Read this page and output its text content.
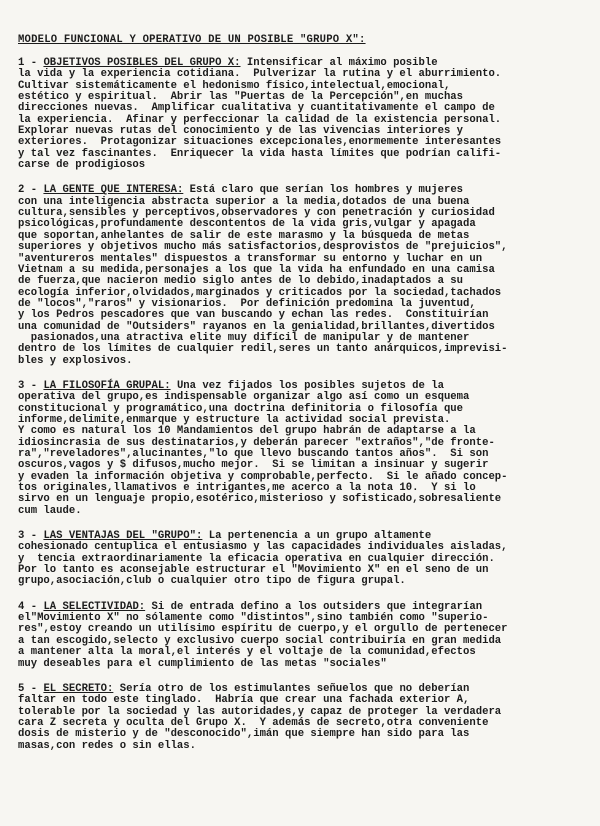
MODELO FUNCIONAL Y OPERATIVO DE UN POSIBLE "GRUPO X":

1 - OBJETIVOS POSIBLES DEL GRUPO X: Intensificar al máximo posible

la vida y la experiencia cotidiana.  Pulverizar la rutina y el aburrimiento.

Cultivar sistemáticamente el hedonismo físico,intelectual,emocional,

estético y espiritual.  Abrir las "Puertas de la Percepción",en muchas

direcciones nuevas.  Amplificar cualitativa y cuantitativamente el campo de

la experiencia.  Afinar y perfeccionar la calidad de la existencia personal.

Explorar nuevas rutas del conocimiento y de las vivencias interiores y

exteriores.  Protagonizar situaciones excepcionales,enormemente interesantes

y tal vez fascinantes.  Enriquecer la vida hasta límites que podrían califi-

carse de prodigiosos

2 - LA GENTE QUE INTERESA: Está claro que serían los hombres y mujeres

con una inteligencia abstracta superior a la media,dotados de una buena

cultura,sensibles y perceptivos,observadores y con penetración y curiosidad

psicológicas,profundamente descontentos de la vida gris,vulgar y apagada

que soportan,anhelantes de salir de este marasmo y la búsqueda de metas

superiores y objetivos mucho más satisfactorios,desprovistos de "prejuicios",

"aventureros mentales" dispuestos a transformar su entorno y luchar en un

Vietnam a su medida,personajes a los que la vida ha enfundado en una camisa

de fuerza,que nacieron medio siglo antes de lo debido,inadaptados a su

ecología inferior,olvidados,marginados y criticados por la sociedad,tachados

de "locos","raros" y visionarios.  Por definición predomina la juventud,

y los Pedros pescadores que van buscando y echan las redes.  Constituirían

una comunidad de "Outsiders" rayanos en la genialidad,brillantes,divertidos

pasionados,una atractiva elite muy difícil de manipular y de mantener

dentro de los límites de cualquier redil,seres un tanto anárquicos,imprevisi-

bles y explosivos.

3 - LA FILOSOFÍA GRUPAL: Una vez fijados los posibles sujetos de la

operativa del grupo,es indispensable organizar algo así como un esquema

constitucional y programático,una doctrina definitoria o filosofía que

informe,delimite,enmarque y estructure la actividad social prevista.

Y como es natural los 10 Mandamientos del grupo habrán de adaptarse a la

idiosincrasia de sus destinatarios,y deberán parecer "extraños","de fronte-

ra","reveladores",alucinantes,"lo que llevo buscando tantos años".  Si son

oscuros,vagos y $ difusos,mucho mejor.  Si se limitan a insinuar y sugerir

y evaden la información objetiva y comprobable,perfecto.  Si le añado concep-

tos originales,llamativos e intrigantes,me acerco a la nota 10.  Y si lo

sirvo en un lenguaje propio,esotérico,misterioso y sofisticado,sobresaliente

cum laude.

3 - LAS VENTAJAS DEL "GRUPO": La pertenencia a un grupo altamente

cohesionado centuplica el entusiasmo y las capacidades individuales aisladas,

y  tencia extraordinariamente la eficacia operativa en cualquier dirección.

Por lo tanto es aconsejable estructurar el "Movimiento X" en el seno de un

grupo,asociación,club o cualquier otro tipo de figura grupal.

4 - LA SELECTIVIDAD: Si de entrada defino a los outsiders que integrarían

el"Movimiento X" no sólamente como "distintos",sino también como "superio-

res",estoy creando un utilísimo espíritu de cuerpo,y el orgullo de pertenecer

a tan escogido,selecto y exclusivo cuerpo social contribuiría en gran medida

a mantener alta la moral,el interés y el voltaje de la comunidad,efectos

muy deseables para el cumplimiento de las metas "sociales"

5 - EL SECRETO: Sería otro de los estimulantes señuelos que no deberían

faltar en todo este tinglado.  Habría que crear una fachada exterior A,

tolerable por la sociedad y las autoridades,y capaz de proteger la verdadera

cara Z secreta y oculta del Grupo X.  Y además de secreto,otra conveniente

dosis de misterio y de "desconocido",imán que siempre han sido para las

masas,con redes o sin ellas.
